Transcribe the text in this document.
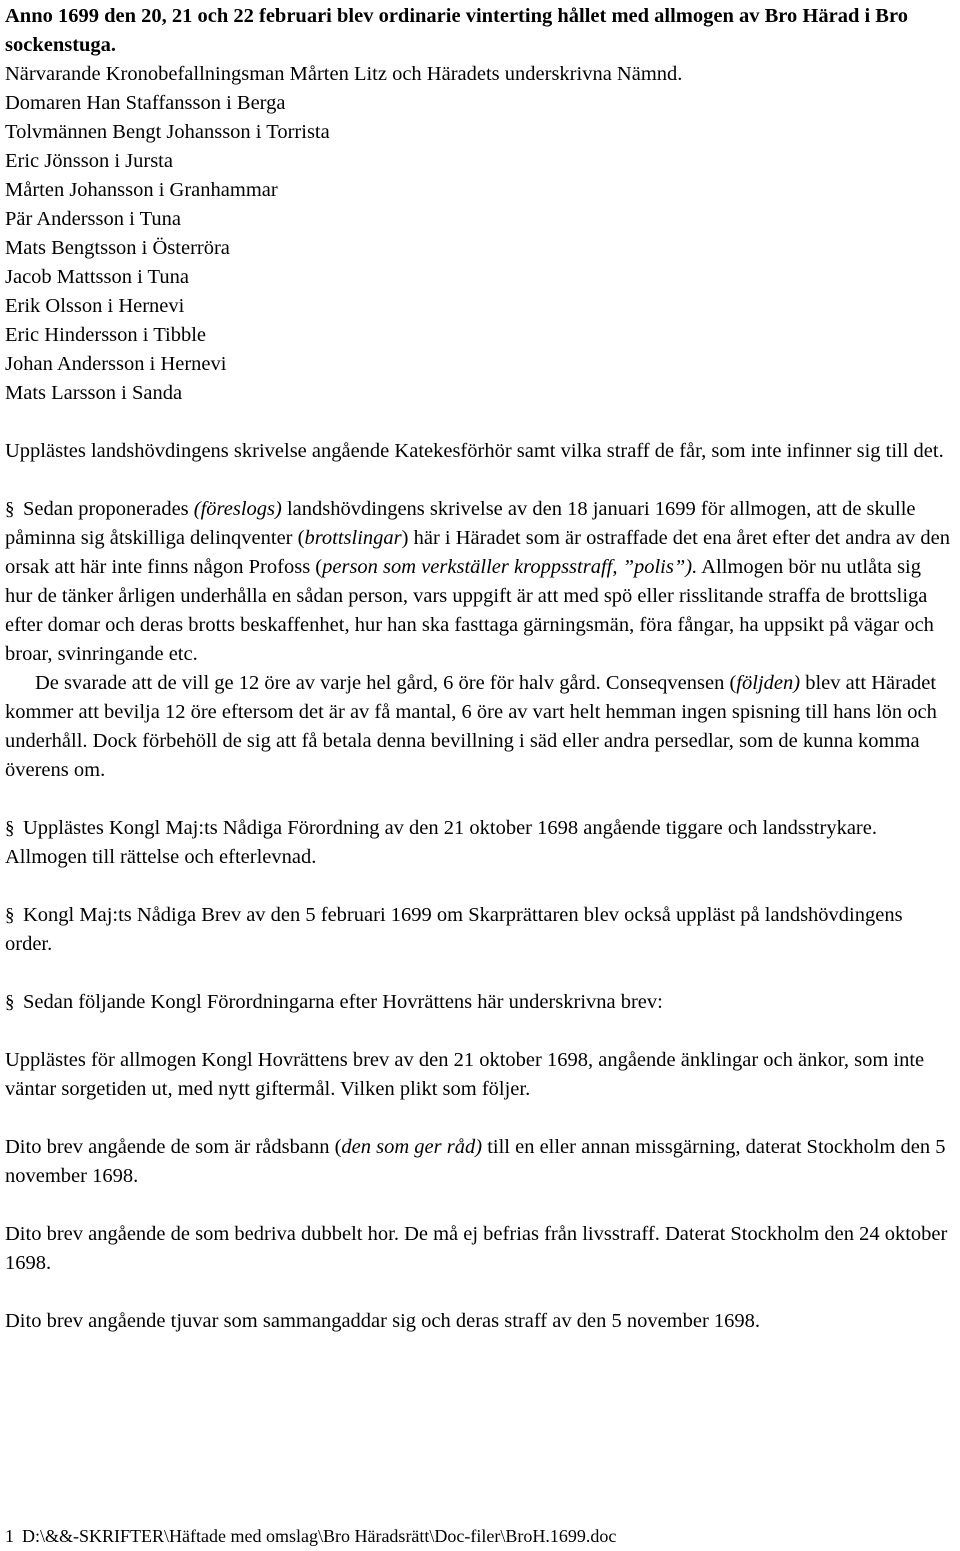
Anno 1699 den 20, 21 och 22 februari blev ordinarie vinterting hållet med allmogen av Bro Härad i Bro sockenstuga.

Närvarande Kronobefallningsman Mårten Litz och Häradets underskrivna Nämnd.

Domaren Han Staffansson i Berga

Tolvmännen Bengt Johansson i Torrista

Eric Jönsson i Jursta

Mårten Johansson i Granhammar

Pär Andersson i Tuna

Mats Bengtsson i Österröra

Jacob Mattsson i Tuna

Erik Olsson i Hernevi

Eric Hindersson i Tibble

Johan Andersson i Hernevi

Mats Larsson i Sanda

Upplästes landshövdingens skrivelse angående Katekesförhör samt vilka straff de får, som inte infinner sig till det.

§ Sedan proponerades (föreslogs) landshövdingens skrivelse av den 18 januari 1699 för allmogen, att de skulle påminna sig åtskilliga delinqventer (brottslingar) här i Häradet som är ostraffade det ena året efter det andra av den orsak att här inte finns någon Profoss (person som verkställer kroppsstraff, ”polis”). Allmogen bör nu utlåta sig hur de tänker årligen underhålla en sådan person, vars uppgift är att med spö eller risslitande straffa de brottsliga efter domar och deras brotts beskaffenhet, hur han ska fasttaga gärningsmän, föra fångar, ha uppsikt på vägar och broar, svinringande etc.

De svarade att de vill ge 12 öre av varje hel gård, 6 öre för halv gård. Conseqvensen (följden) blev att Häradet kommer att bevilja 12 öre eftersom det är av få mantal, 6 öre av vart helt hemman ingen spisning till hans lön och underhåll. Dock förbehöll de sig att få betala denna bevillning i säd eller andra persedlar, som de kunna komma överens om.

§ Upplästes Kongl Maj:ts Nådiga Förordning av den 21 oktober 1698 angående tiggare och landsstrykare. Allmogen till rättelse och efterlevnad.

§ Kongl Maj:ts Nådiga Brev av den 5 februari 1699 om Skarprättaren blev också uppläst på landshövdingens order.

§ Sedan följande Kongl Förordningarna efter Hovrättens här underskrivna brev:

Upplästes för allmogen Kongl Hovrättens brev av den 21 oktober 1698, angående änklingar och änkor, som inte väntar sorgetiden ut, med nytt giftermål. Vilken plikt som följer.

Dito brev angående de som är rådsbann (den som ger råd) till en eller annan missgärning, daterat Stockholm den 5 november 1698.

Dito brev angående de som bedriva dubbelt hor. De må ej befrias från livsstraff. Daterat Stockholm den 24 oktober 1698.

Dito brev angående tjuvar som sammangaddar sig och deras straff av den 5 november 1698.

1 D:\&&-SKRIFTER\Häftade med omslag\Bro Häradsrätt\Doc-filer\BroH.1699.doc
